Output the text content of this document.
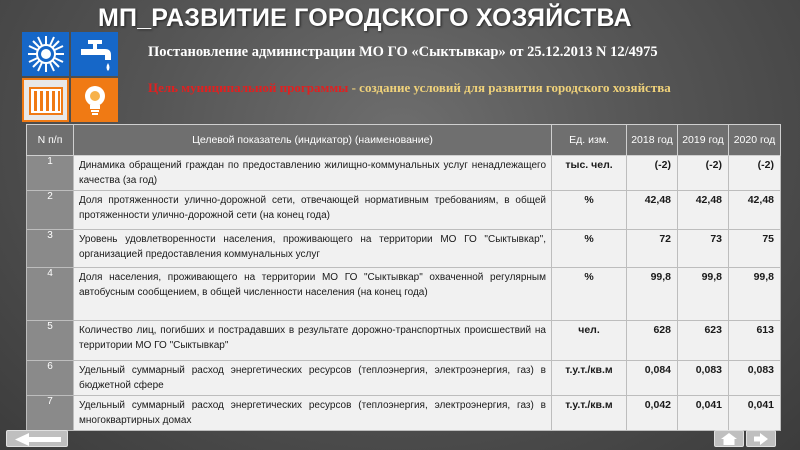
МП_РАЗВИТИЕ ГОРОДСКОГО ХОЗЯЙСТВА
Постановление администрации МО ГО «Сыктывкар» от 25.12.2013 N 12/4975
Цель муниципальной программы - создание условий для развития городского хозяйства
N п/п	Целевой показатель (индикатор) (наименование)	Ед. изм.	2018 год	2019 год	2020 год
1	Динамика обращений граждан по предоставлению жилищно-коммунальных услуг ненадлежащего качества (за год)	тыс. чел.	(-2)	(-2)	(-2)
2	Доля протяженности улично-дорожной сети, отвечающей нормативным требованиям, в общей протяженности улично-дорожной сети (на конец года)	%	42,48	42,48	42,48
3	Уровень удовлетворенности населения, проживающего на территории МО ГО "Сыктывкар", организацией предоставления коммунальных услуг	%	72	73	75
4	Доля населения, проживающего на территории МО ГО "Сыктывкар" охваченной регулярным автобусным сообщением, в общей численности населения (на конец года)	%	99,8	99,8	99,8
5	Количество лиц, погибших и пострадавших в результате дорожно-транспортных происшествий на территории МО ГО "Сыктывкар"	чел.	628	623	613
6	Удельный суммарный расход энергетических ресурсов (теплоэнергия, электроэнергия, газ) в бюджетной сфере	т.у.т./кв.м	0,084	0,083	0,083
7	Удельный суммарный расход энергетических ресурсов (теплоэнергия, электроэнергия, газ) в многоквартирных домах	т.у.т./кв.м	0,042	0,041	0,041
